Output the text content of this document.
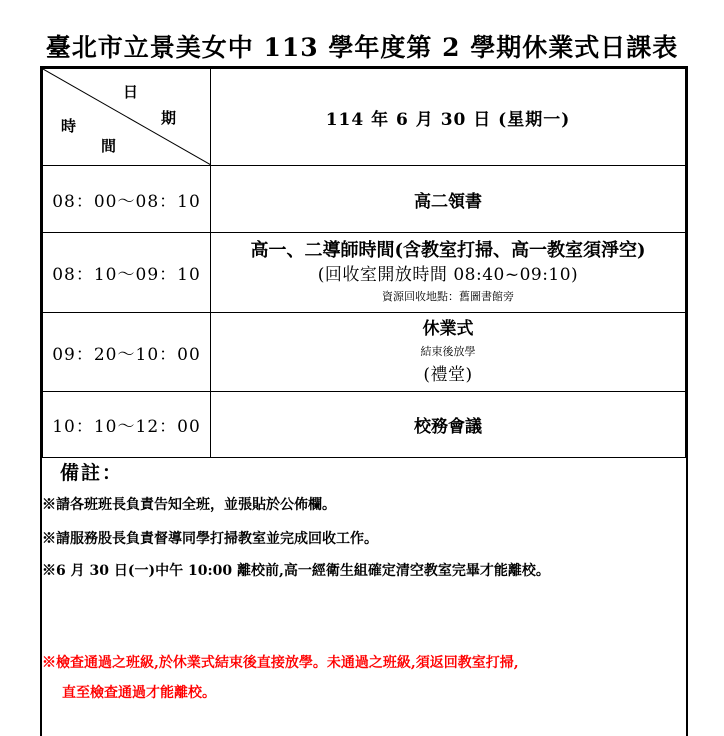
臺北市立景美女中 113 學年度第 2 學期休業式日課表
日
期
時
間	114 年 6 月 30 日 (星期一)
08：00～08：10	高二領書

08：10～09：10	高一、二導師時間(含教室打掃、高一教室須淨空)
(回收室開放時間 08:40~09:10)
資源回收地點：舊圖書館旁

09：20～10：00	休業式
結束後放學
(禮堂)

10：10～12：00	校務會議
備註：
※請各班班長負責告知全班，並張貼於公佈欄。
※請服務股長負責督導同學打掃教室並完成回收工作。
※6 月 30 日(一)中午 10:00 離校前,高一經衛生組確定清空教室完畢才能離校。
※檢查通過之班級,於休業式結束後直接放學。未通過之班級,須返回教室打掃,
直至檢查通過才能離校。
